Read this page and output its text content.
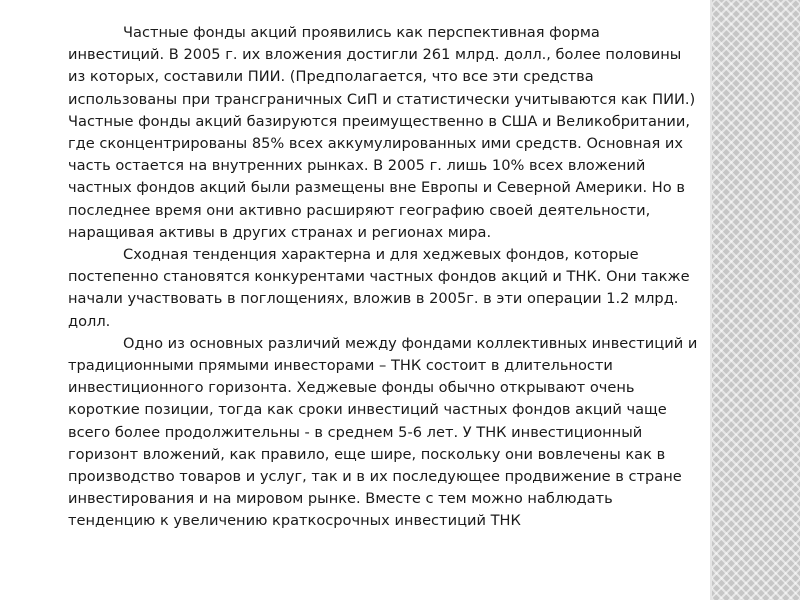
Частные фонды акций проявились как перспективная форма инвестиций. В 2005 г. их вложения достигли 261 млрд. долл., более половины из которых, составили ПИИ. (Предполагается, что все эти средства использованы при трансграничных СиП и статистически учитываются как ПИИ.) Частные фонды акций базируются преимущественно в США и Великобритании, где сконцентрированы 85% всех аккумулированных ими средств. Основная их часть остается на внутренних рынках. В 2005 г. лишь 10% всех вложений частных фондов акций были размещены вне Европы и Северной Америки. Но в последнее время они активно расширяют географию своей деятельности, наращивая активы в других странах и регионах мира.

Сходная тенденция характерна и для хеджевых фондов, которые постепенно становятся конкурентами частных фондов акций и ТНК. Они также начали участвовать в поглощениях, вложив в 2005г. в эти операции 1.2 млрд. долл.

Одно из основных различий между фондами коллективных инвестиций и традиционными прямыми инвесторами – ТНК состоит в длительности инвестиционного горизонта. Хеджевые фонды обычно открывают очень короткие позиции, тогда как сроки инвестиций частных фондов акций чаще всего более продолжительны - в среднем 5-6 лет. У ТНК инвестиционный горизонт вложений, как правило, еще шире, поскольку они вовлечены как в производство товаров и услуг, так и в их последующее продвижение в стране инвестирования и на мировом рынке. Вместе с тем можно наблюдать тенденцию к увеличению краткосрочных инвестиций ТНК
